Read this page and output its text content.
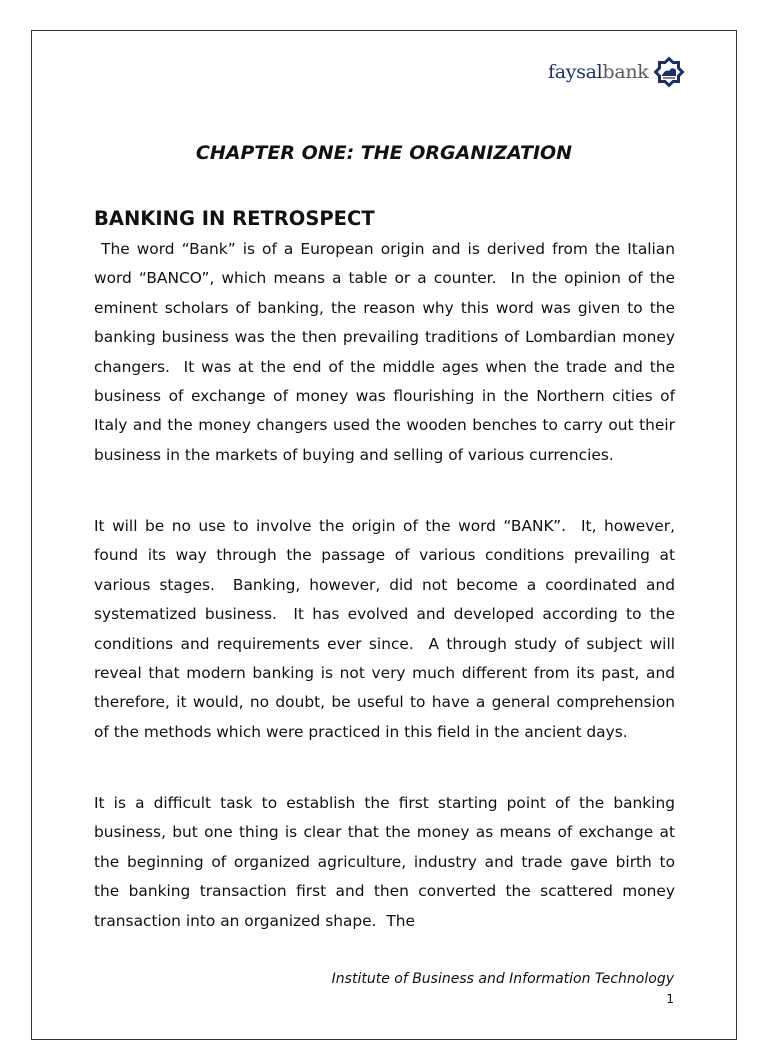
faysalbank
CHAPTER ONE: THE ORGANIZATION
BANKING IN RETROSPECT

The word “Bank” is of a European origin and is derived from the Italian word “BANCO”, which means a table or a counter.  In the opinion of the eminent scholars of banking, the reason why this word was given to the banking business was the then prevailing traditions of Lombardian money changers.  It was at the end of the middle ages when the trade and the business of exchange of money was flourishing in the Northern cities of Italy and the money changers used the wooden benches to carry out their business in the markets of buying and selling of various currencies.

It will be no use to involve the origin of the word “BANK”.  It, however, found its way through the passage of various conditions prevailing at various stages.  Banking, however, did not become a coordinated and systematized business.  It has evolved and developed according to the conditions and requirements ever since.  A through study of subject will reveal that modern banking is not very much different from its past, and therefore, it would, no doubt, be useful to have a general comprehension of the methods which were practiced in this field in the ancient days.

It is a difficult task to establish the first starting point of the banking business, but one thing is clear that the money as means of exchange at the beginning of organized agriculture, industry and trade gave birth to the banking transaction first and then converted the scattered money transaction into an organized shape.  The

Institute of Business and Information Technology

1
